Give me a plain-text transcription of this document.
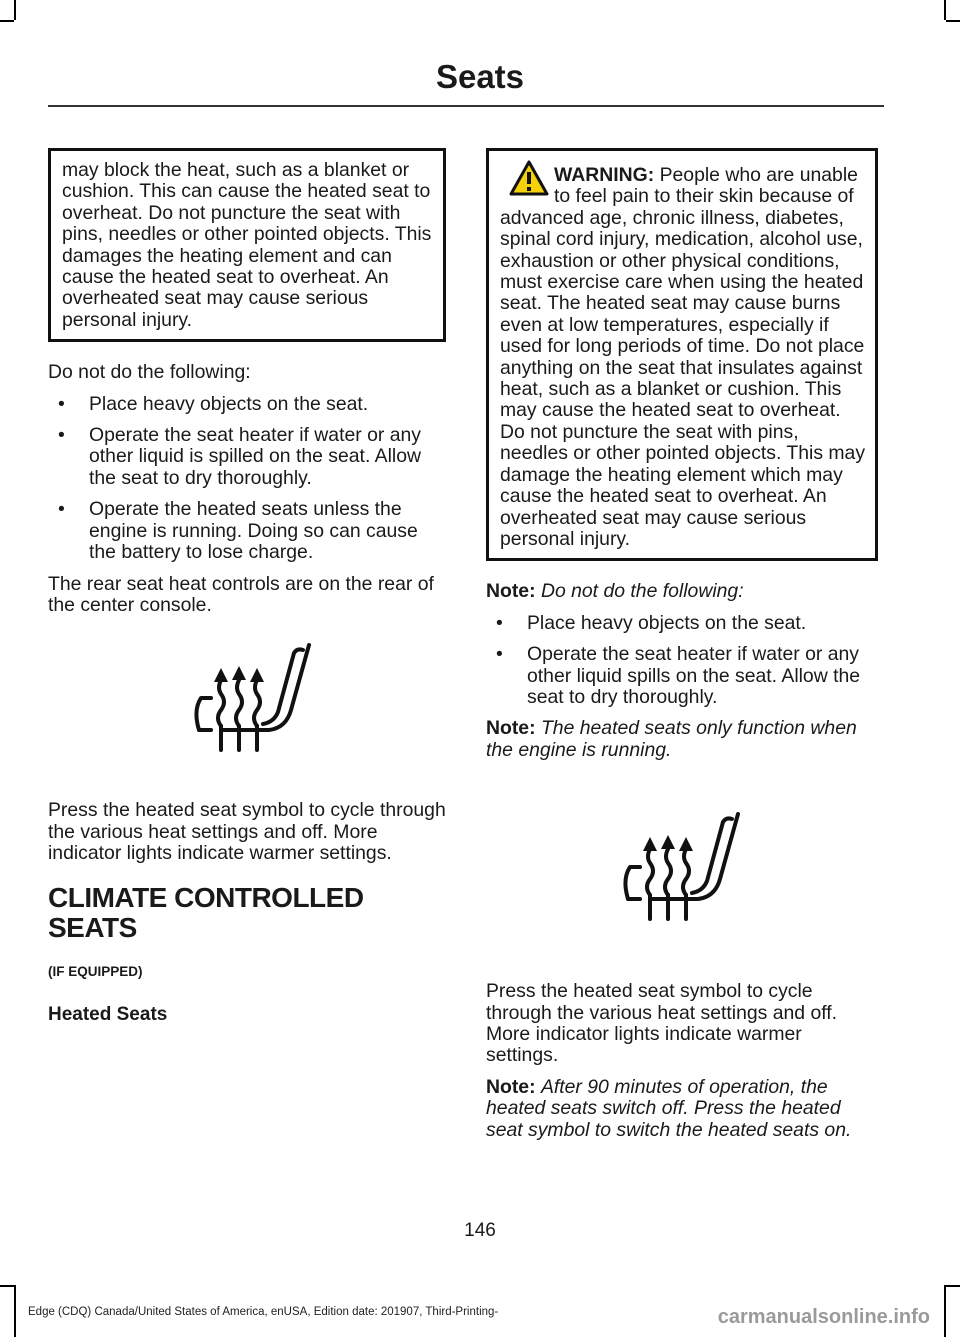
Seats
may block the heat, such as a blanket or cushion. This can cause the heated seat to overheat. Do not puncture the seat with pins, needles or other pointed objects. This damages the heating element and can cause the heated seat to overheat. An overheated seat may cause serious personal injury.

Do not do the following:

• Place heavy objects on the seat.
• Operate the seat heater if water or any other liquid is spilled on the seat. Allow the seat to dry thoroughly.
• Operate the heated seats unless the engine is running. Doing so can cause the battery to lose charge.

The rear seat heat controls are on the rear of the center console.

Press the heated seat symbol to cycle through the various heat settings and off. More indicator lights indicate warmer settings.

CLIMATE CONTROLLED SEATS
(IF EQUIPPED)
Heated Seats
WARNING: People who are unable to feel pain to their skin because of advanced age, chronic illness, diabetes, spinal cord injury, medication, alcohol use, exhaustion or other physical conditions, must exercise care when using the heated seat. The heated seat may cause burns even at low temperatures, especially if used for long periods of time. Do not place anything on the seat that insulates against heat, such as a blanket or cushion. This may cause the heated seat to overheat. Do not puncture the seat with pins, needles or other pointed objects. This may damage the heating element which may cause the heated seat to overheat. An overheated seat may cause serious personal injury.

Note: Do not do the following:

• Place heavy objects on the seat.
• Operate the seat heater if water or any other liquid spills on the seat. Allow the seat to dry thoroughly.

Note: The heated seats only function when the engine is running.

Press the heated seat symbol to cycle through the various heat settings and off. More indicator lights indicate warmer settings.

Note: After 90 minutes of operation, the heated seats switch off. Press the heated seat symbol to switch the heated seats on.

146
Edge (CDQ) Canada/United States of America, enUSA, Edition date: 201907, Third-Printing-	carmanualsonline.info
